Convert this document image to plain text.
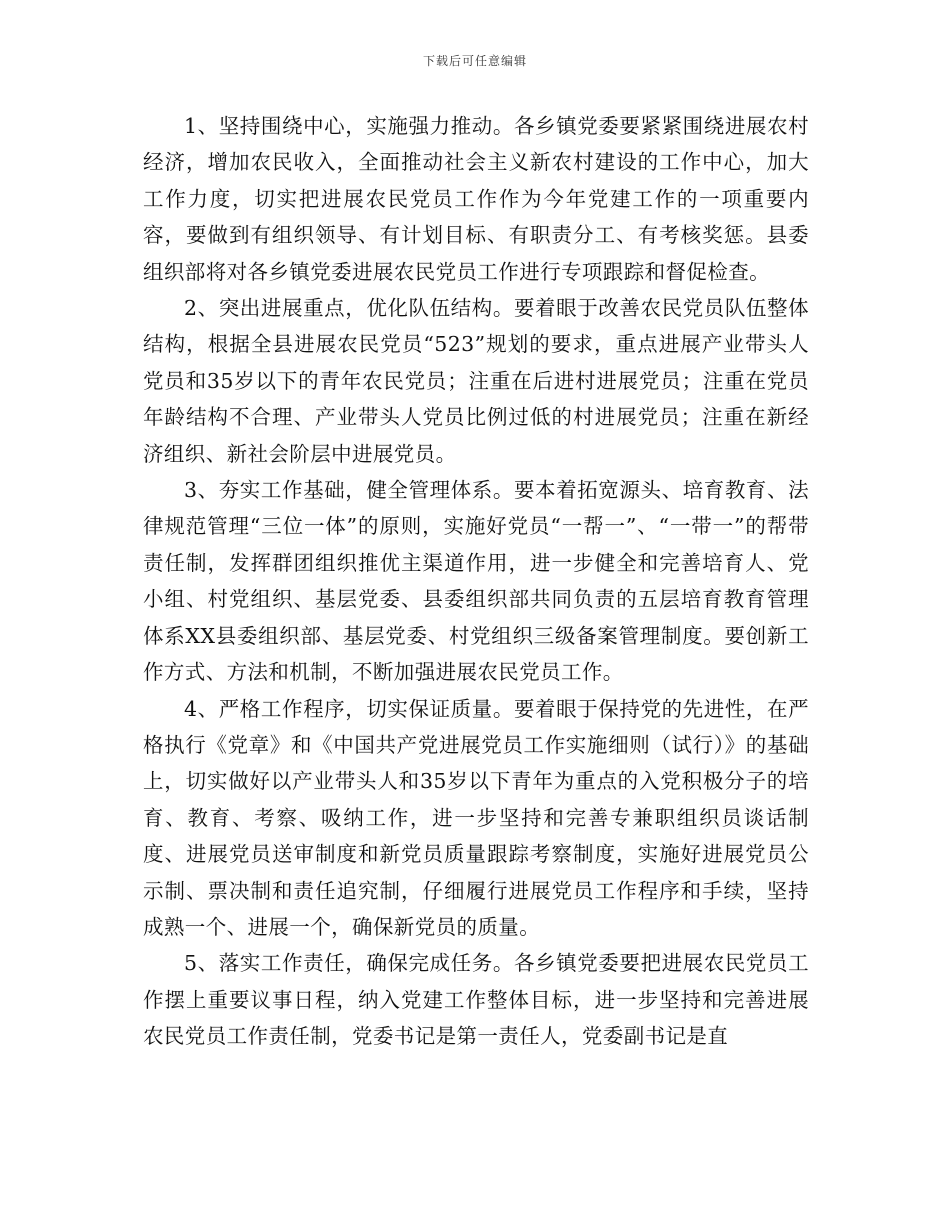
下载后可任意编辑

1、坚持围绕中心，实施强力推动。各乡镇党委要紧紧围绕进展农村经济，增加农民收入，全面推动社会主义新农村建设的工作中心，加大工作力度，切实把进展农民党员工作作为今年党建工作的一项重要内容，要做到有组织领导、有计划目标、有职责分工、有考核奖惩。县委组织部将对各乡镇党委进展农民党员工作进行专项跟踪和督促检查。

2、突出进展重点，优化队伍结构。要着眼于改善农民党员队伍整体结构，根据全县进展农民党员“523”规划的要求，重点进展产业带头人党员和35岁以下的青年农民党员；注重在后进村进展党员；注重在党员年龄结构不合理、产业带头人党员比例过低的村进展党员；注重在新经济组织、新社会阶层中进展党员。

3、夯实工作基础，健全管理体系。要本着拓宽源头、培育教育、法律规范管理“三位一体”的原则，实施好党员“一帮一”、“一带一”的帮带责任制，发挥群团组织推优主渠道作用，进一步健全和完善培育人、党小组、村党组织、基层党委、县委组织部共同负责的五层培育教育管理体系XX县委组织部、基层党委、村党组织三级备案管理制度。要创新工作方式、方法和机制，不断加强进展农民党员工作。

4、严格工作程序，切实保证质量。要着眼于保持党的先进性，在严格执行《党章》和《中国共产党进展党员工作实施细则（试行）》的基础上，切实做好以产业带头人和35岁以下青年为重点的入党积极分子的培育、教育、考察、吸纳工作，进一步坚持和完善专兼职组织员谈话制度、进展党员送审制度和新党员质量跟踪考察制度，实施好进展党员公示制、票决制和责任追究制，仔细履行进展党员工作程序和手续，坚持成熟一个、进展一个，确保新党员的质量。

5、落实工作责任，确保完成任务。各乡镇党委要把进展农民党员工作摆上重要议事日程，纳入党建工作整体目标，进一步坚持和完善进展农民党员工作责任制，党委书记是第一责任人，党委副书记是直
